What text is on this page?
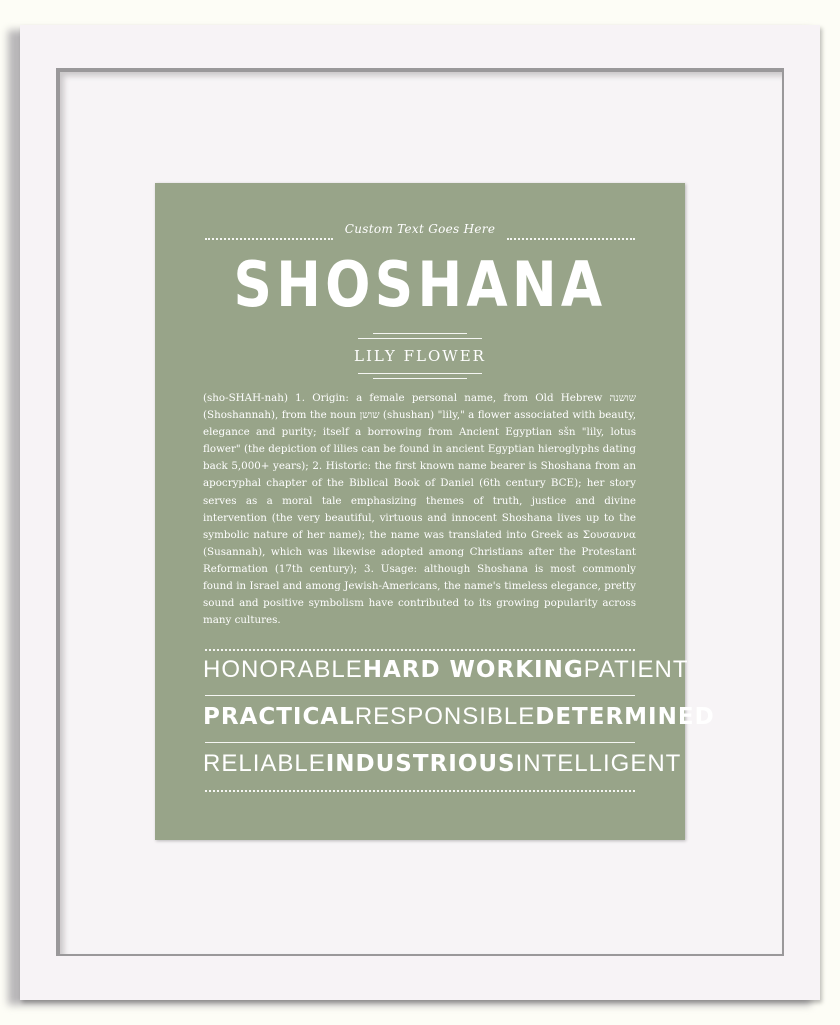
Custom Text Goes Here
SHOSHANA
LILY FLOWER
(sho-SHAH-nah) 1. Origin: a female personal name, from Old Hebrew שושנה (Shoshannah), from the noun שושן (shushan) "lily," a flower associated with beauty, elegance and purity; itself a borrowing from Ancient Egyptian sšn "lily, lotus flower" (the depiction of lilies can be found in ancient Egyptian hieroglyphs dating back 5,000+ years); 2. Historic: the first known name bearer is Shoshana from an apocryphal chapter of the Biblical Book of Daniel (6th century BCE); her story serves as a moral tale emphasizing themes of truth, justice and divine intervention (the very beautiful, virtuous and innocent Shoshana lives up to the symbolic nature of her name); the name was translated into Greek as Σουσαννα (Susannah), which was likewise adopted among Christians after the Protestant Reformation (17th century); 3. Usage: although Shoshana is most commonly found in Israel and among Jewish-Americans, the name's timeless elegance, pretty sound and positive symbolism have contributed to its growing popularity across many cultures.
HONORABLE HARD WORKING PATIENT
PRACTICAL RESPONSIBLE DETERMINED
RELIABLE INDUSTRIOUS INTELLIGENT
